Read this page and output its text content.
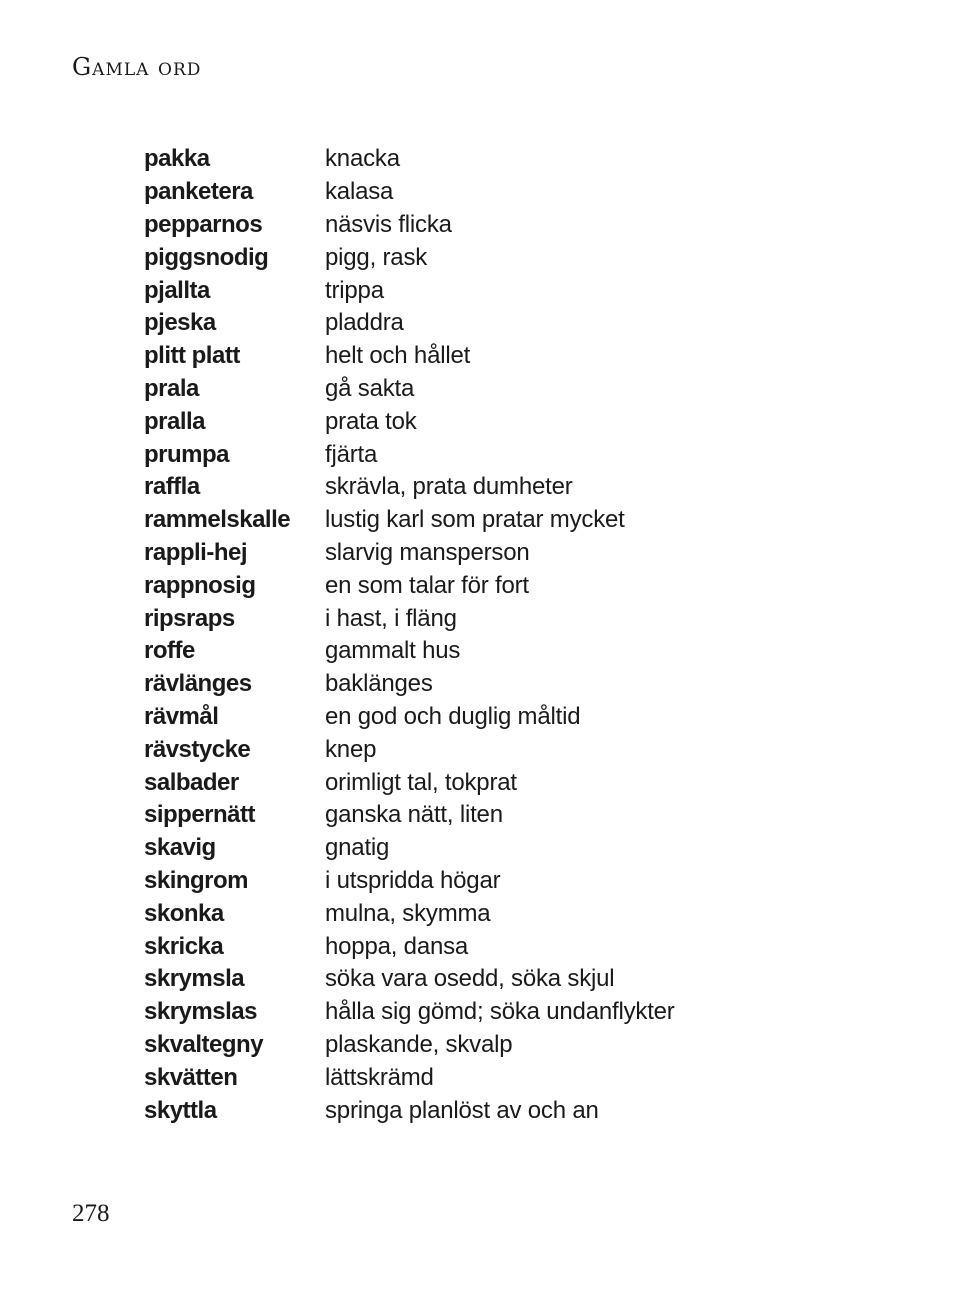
Gamla ord
pakka	knacka
panketera	kalasa
pepparnos	näsvis flicka
piggsnodig	pigg, rask
pjallta	trippa
pjeska	pladdra
plitt platt	helt och hållet
prala	gå sakta
pralla	prata tok
prumpa	fjärta
raffla	skrävla, prata dumheter
rammelskalle	lustig karl som pratar mycket
rappli-hej	slarvig mansperson
rappnosig	en som talar för fort
ripsraps	i hast, i fläng
roffe	gammalt hus
rävlänges	baklänges
rävmål	en god och duglig måltid
rävstycke	knep
salbader	orimligt tal, tokprat
sippernätt	ganska nätt, liten
skavig	gnatig
skingrom	i utspridda högar
skonka	mulna, skymma
skricka	hoppa, dansa
skrymsla	söka vara osedd, söka skjul
skrymslas	hålla sig gömd; söka undanflykter
skvaltegny	plaskande, skvalp
skvätten	lättskrämd
skyttla	springa planlöst av och an
278
